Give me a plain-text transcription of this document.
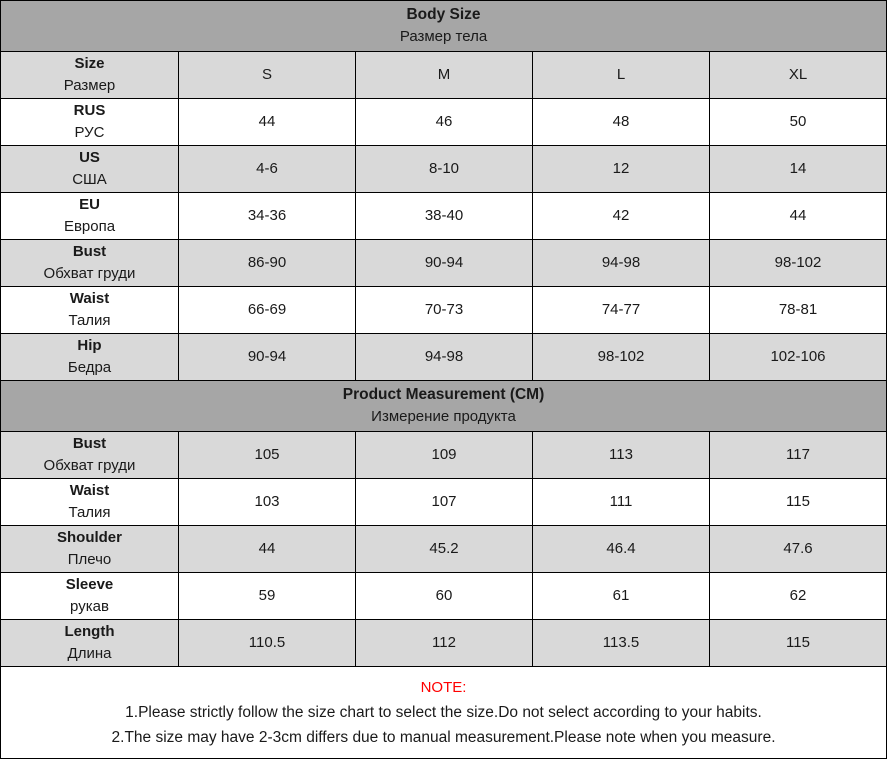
Body Size
Размер тела				

Size
Размер	S	M	L	XL

RUS
РУС	44	46	48	50

US
США	4-6	8-10	12	14

EU
Европа	34-36	38-40	42	44

Bust
Обхват груди	86-90	90-94	94-98	98-102

Waist
Талия	66-69	70-73	74-77	78-81

Hip
Бедра	90-94	94-98	98-102	102-106

Product Measurement (CM)
Измерение продукта				

Bust
Обхват груди	105	109	113	117

Waist
Талия	103	107	111	115

Shoulder
Плечо	44	45.2	46.4	47.6

Sleeve
рукав	59	60	61	62

Length
Длина	110.5	112	113.5	115

NOTE:
1.Please strictly follow the size chart to select the size.Do not select according to your habits.
2.The size may have 2-3cm differs due to manual measurement.Please note when you measure.				
